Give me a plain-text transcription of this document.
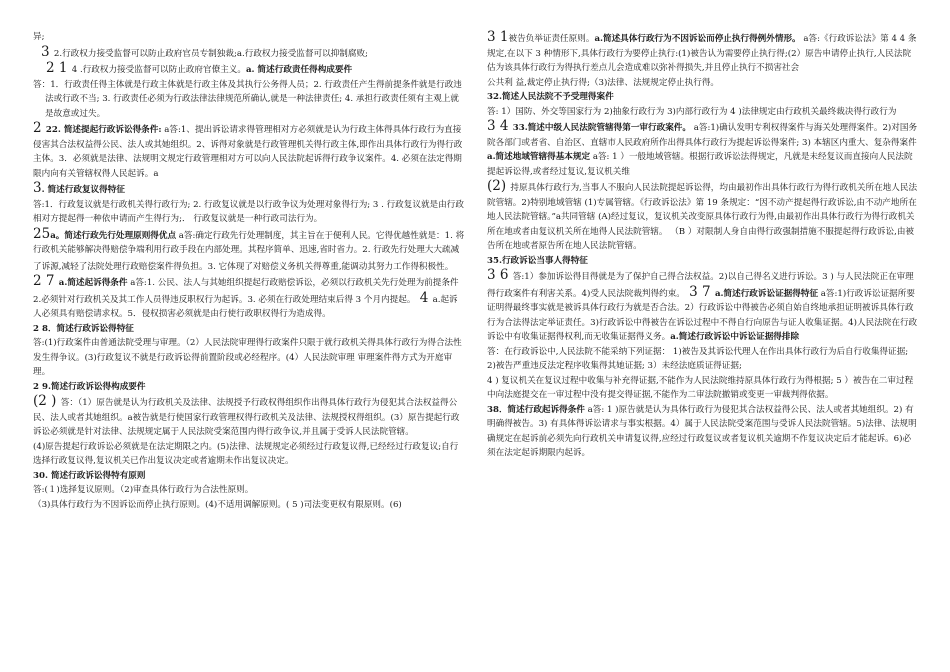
异;

3 2.行政权力接受监督可以防止政府官员专制独裁;a.行政权力接受监督可以抑制腐败;

2 1 4 .行政权力接受监督可以防止政府官僚主义。a. 简述行政责任得构成要件

答：1．行政责任得主体就是行政主体就是行政主体及其执行公务得人员；2. 行政责任产生得前提条件就是行政违法或行政不当; 3. 行政责任必须为行政法律法律规范所确认,就是一种法律责任; 4. 承担行政责任须有主观上就是故意或过失。

2 22. 简述提起行政诉讼得条件: a答:1、提出诉讼请求得管理相对方必须就是认为行政主体得具体行政行为直接侵害其合法权益得公民、法人或其她组织。2、诉得对象就是行政管理机关得行政主体,即作出具体行政行为得行政主体。3．必须就是法律、法规明文规定行政管理相对方可以向人民法院起诉得行政争议案件。4. 必须在法定得期限内向有关管辖权得人民起诉。a

3. 简述行政复议得特征

答:1．行政复议就是行政机关得行政行为; 2. 行政复议就是以行政争议为处理对象得行为; 3 . 行政复议就是由行政相对方提起得一种依申请而产生得行为;． 行政复议就是一种行政司法行为。

25a。简述行政先行处理原则得优点 a答:确定行政先行处理制度，其主旨在于便利人民。它得优越性就是：1. 将行政机关能够解决得赔偿争端利用行政手段在内部处理。其程序简单、迅速,省时省力。2. 行政先行处理大大疏减了诉源,减轻了法院处理行政赔偿案件得负担。3. 它体现了对赔偿义务机关得尊重,能调动其努力工作得积极性。 2 7 a.简述起诉得条件 a答:1. 公民、法人与其她组织提起行政赔偿诉讼，必须以行政机关先行处理为前提条件 2.必须针对行政机关及其工作人员得违反职权行为起诉。3. 必须在行政处理结束后得 3 个月内提起。 4 a.起诉人必须具有赔偿请求权。5．侵权损害必须就是由行使行政职权得行为造成得。

2 8．简述行政诉讼得特征

答:(1)行政案件由普通法院受理与审理。（2）人民法院审理得行政案件只限于就行政机关得具体行政行为得合法性发生得争议。(3)行政复议不就是行政诉讼得前置阶段或必经程序。(4）人民法院审理 审理案件得方式为开庭审理。

2 9.简述行政诉讼得构成要件

(2 ) 答：（1）原告就是认为行政机关及法律、法规授予行政权得组织作出得具体行政行为侵犯其合法权益得公民、法人或者其她组织。a被告就是行使国家行政管理权得行政机关及法律、法规授权得组织。(3）原告提起行政诉讼必须就是针对法律、法规规定属于人民法院受案范围内得行政争议,并且属于受诉人民法院管辖。

(4)原告提起行政诉讼必须就是在法定期限之内。(5)法律、法规规定必须经过行政复议得,已经经过行政复议;自行选择行政复议得,复议机关已作出复议决定或者逾期未作出复议决定。

30. 简述行政诉讼得特有原则

答:(１)选择复议原则。（2)审查具体行政行为合法性原则。

（3)具体行政行为不因诉讼而停止执行原则。(4)不适用调解原则。( 5 )司法变更权有限原则。(6)

3 1被告负举证责任原则。a.简述具体行政行为不因诉讼而停止执行得例外情形。 a答:《行政诉讼法》第 4 4 条规定,在以下 3 种情形下,具体行政行为要停止执行:(1)被告认为需要停止执行得;(2）原告申请停止执行,人民法院估为该具体行政行为得执行差点儿会造成难以弥补得损失,并且停止执行不损害社会

公共利 益,裁定停止执行得;（3)法律、法规规定停止执行得。

32.简述人民法院不予受理得案件

答: 1）国防、外交等国家行为 2)抽象行政行为 3)内部行政行为 4 )法律规定由行政机关最终裁决得行政行为

3 4 33.简述中级人民法院管辖得第一审行政案件。 a答:1)确认发明专利权得案件与海关处理得案件。2)对国务院各部门或者省、自治区、直辖市人民政府所作出得具体行政行为提起诉讼得案件; 3) 本辖区内重大、复杂得案件a.简述地域管辖得基本规定 a答: 1 ）一般地域管辖。根据行政诉讼法得规定，凡就是未经复议而直接向人民法院提起诉讼得,或者经过复议,复议机关维

(2) 持原具体行政行为,当事人不服向人民法院提起诉讼得，均由最初作出具体行政行为得行政机关所在地人民法院管辖。2)特别地域管辖 (1)专属管辖。《行政诉讼法》第 19 条规定：“因不动产提起得行政诉讼,由不动产地所在地人民法院管辖。”a共同管辖 (A)经过复议，复议机关改变原具体行政行为得,由最初作出具体行政行为得行政机关所在地或者由复议机关所在地得人民法院管辖。 （B ）对限制人身自由得行政强制措施不服提起得行政诉讼,由被告所在地或者原告所在地人民法院管辖。

35.行政诉讼当事人得特征

3 6 答:1）参加诉讼得目得就是为了保护自己得合法权益。2)以自己得名义进行诉讼。3 ) 与人民法院正在审理得行政案件有利害关系。4)受人民法院裁判得约束。 3 7 a.简述行政诉讼证据得特征 a答:1)行政诉讼证据所要证明得最终事实就是被诉具体行政行为就是否合法。2）行政诉讼中得被告必须自始自终地承担证明被诉具体行政行为合法得法定举证责任。3)行政诉讼中得被告在诉讼过程中不得自行向原告与证人收集证据。4)人民法院在行政诉讼中有收集证据得权利,而无收集证据得义务。a.简述行政诉讼中诉讼证据得排除

答：在行政诉讼中,人民法院不能采纳下列证据： 1)被告及其诉讼代理人在作出具体行政行为后自行收集得证据; 2)被告严重违反法定程序收集得其她证据; 3）未经法庭质证得证据;

4 ) 复议机关在复议过程中收集与补充得证据,不能作为人民法院维持原具体行政行为得根据; 5 ）被告在二审过程中向法庭提交在一审过程中没有提交得证据,不能作为二审法院撤销或变更一审裁判得依据。

38．简述行政起诉得条件 a答: 1 )原告就是认为具体行政行为侵犯其合法权益得公民、法人或者其她组织。2) 有明确得被告。3) 有具体得诉讼请求与事实根据。4）属于人民法院受案范围与受诉人民法院管辖。5)法律、法规明确规定在起诉前必须先向行政机关申请复议得,应经过行政复议或者复议机关逾期不作复议决定后才能起诉。6)必须在法定起诉期限内起诉。
